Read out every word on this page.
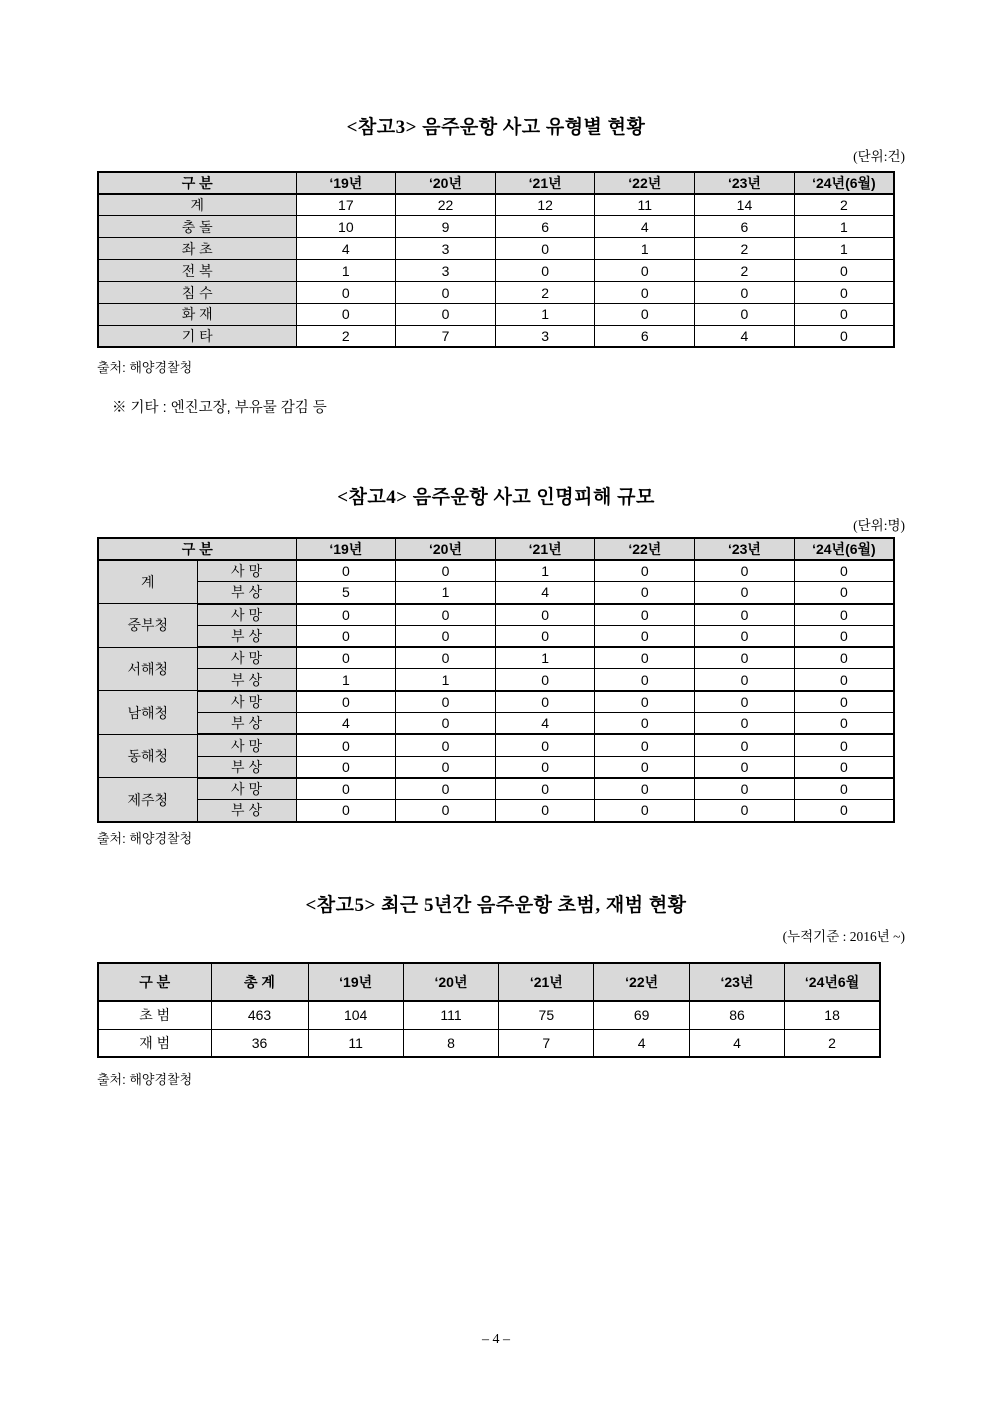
<참고3> 음주운항 사고 유형별 현황
(단위:건)
구 분	‘19년	‘20년	‘21년	‘22년	‘23년	‘24년(6월)
계	17	22	12	11	14	2
충 돌	10	9	6	4	6	1
좌 초	4	3	0	1	2	1
전 복	1	3	0	0	2	0
침 수	0	0	2	0	0	0
화 재	0	0	1	0	0	0
기 타	2	7	3	6	4	0
출처: 해양경찰청
※ 기타 : 엔진고장, 부유물 감김 등
<참고4> 음주운항 사고 인명피해 규모
(단위:명)
구 분		‘19년	‘20년	‘21년	‘22년	‘23년	‘24년(6월)
계	사 망	0	0	1	0	0	0
	부 상	5	1	4	0	0	0
중부청	사 망	0	0	0	0	0	0
	부 상	0	0	0	0	0	0
서해청	사 망	0	0	1	0	0	0
	부 상	1	1	0	0	0	0
남해청	사 망	0	0	0	0	0	0
	부 상	4	0	4	0	0	0
동해청	사 망	0	0	0	0	0	0
	부 상	0	0	0	0	0	0
제주청	사 망	0	0	0	0	0	0
	부 상	0	0	0	0	0	0
출처: 해양경찰청
<참고5> 최근 5년간 음주운항 초범, 재범 현황
(누적기준 : 2016년 ~)
구 분	총 계	‘19년	‘20년	‘21년	‘22년	‘23년	‘24년6월
초 범	463	104	111	75	69	86	18
재 범	36	11	8	7	4	4	2
출처: 해양경찰청
– 4 –
